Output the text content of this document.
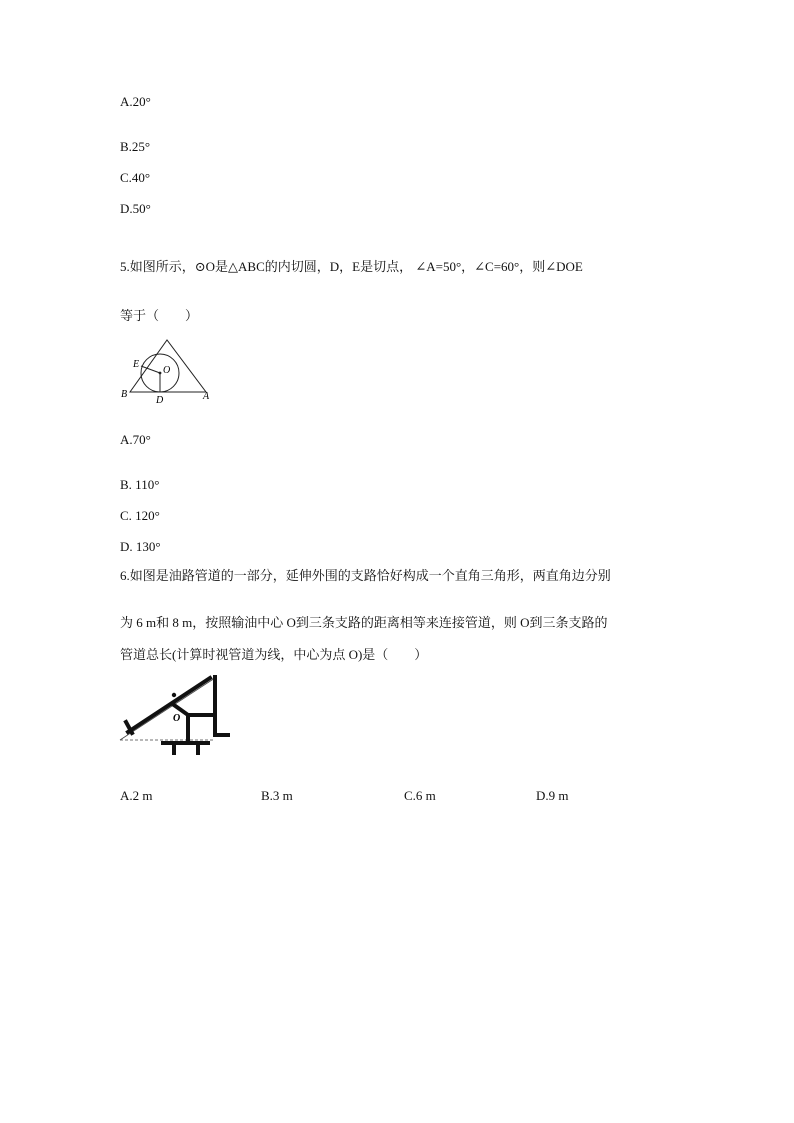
A.20°
B.25°
C.40°
D.50°
5.如图所示，⊙O是△ABC的内切圆，D，E是切点， ∠A=50°，∠C=60°，则∠DOE
等于（　　）
E
O
B
D	A
A.70°
B. 110°
C. 120°
D. 130°
6.如图是油路管道的一部分，延伸外围的支路恰好构成一个直角三角形，两直角边分别
为 6 m和 8 m，按照输油中心 O到三条支路的距离相等来连接管道，则 O到三条支路的
管道总长(计算时视管道为线，中心为点 O)是（　　）
O
A.2 m	B.3 m	C.6 m	D.9 m
